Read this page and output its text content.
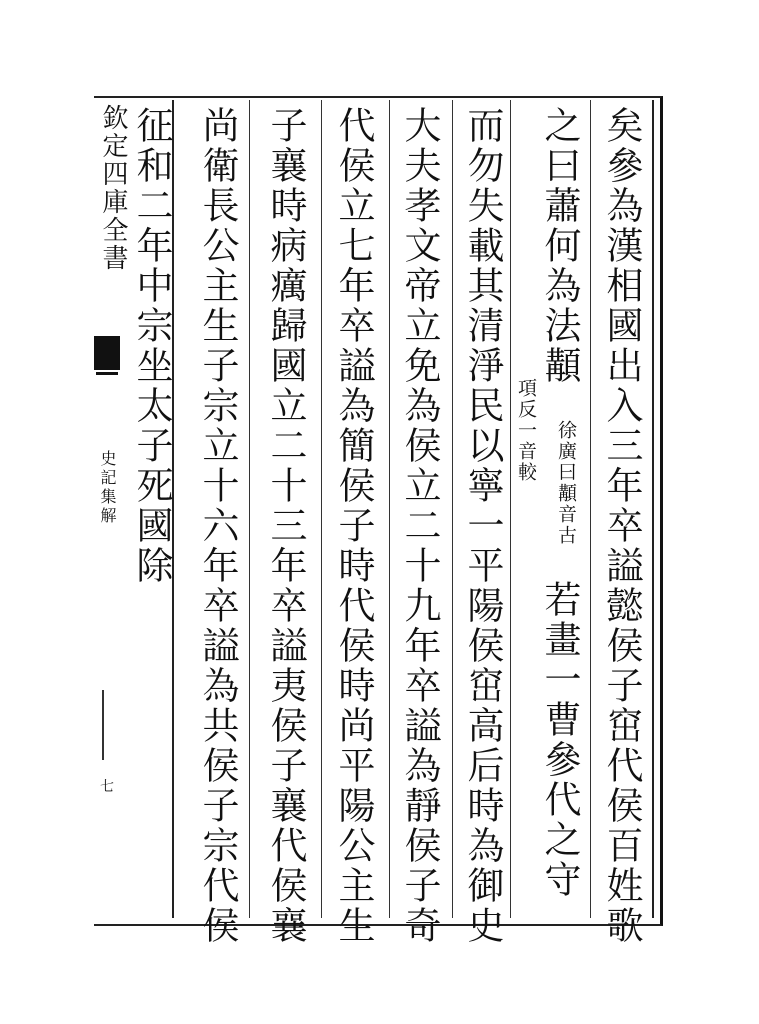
矣參為漢相國出入三年卒謚懿侯子窋代侯百姓歌
之曰蕭何為法顜
若畫一曹參代之守
徐廣曰顜音古
項反一音較
而勿失載其清淨民以寧一平陽侯窋高后時為御史
大夫孝文帝立免為侯立二十九年卒謚為靜侯子奇
代侯立七年卒謚為簡侯子時代侯時尚平陽公主生
子襄時病癘歸國立二十三年卒謚夷侯子襄代侯襄
尚衛長公主生子宗立十六年卒謚為共侯子宗代侯
征和二年中宗坐太子死國除
欽定四庫全書
史記集解
七
